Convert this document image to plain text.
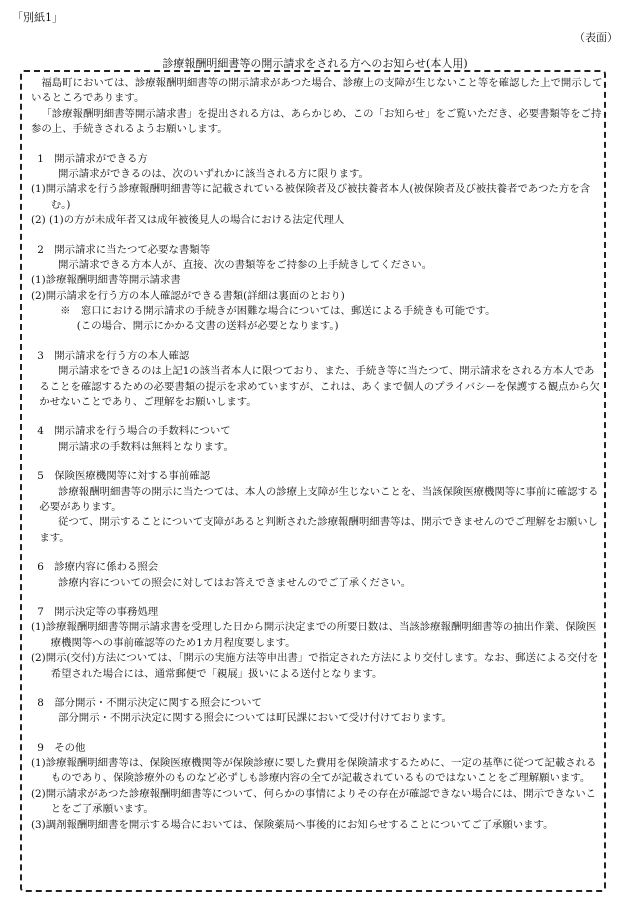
「別紙1」
（表面）
診療報酬明細書等の開示請求をされる方へのお知らせ(本人用)

福島町においては、診療報酬明細書等の開示請求があつた場合、診療上の支障が生じないこと等を確認した上で開示しているところであります。

「診療報酬明細書等開示請求書」を提出される方は、あらかじめ、この「お知らせ」をご覧いただき、必要書類等をご持参の上、手続きされるようお願いします。

1　開示請求ができる方

開示請求ができるのは、次のいずれかに該当される方に限ります。

(1)開示請求を行う診療報酬明細書等に記載されている被保険者及び被扶養者本人(被保険者及び被扶養者であつた方を含む。)

(2) (1)の方が未成年者又は成年被後見人の場合における法定代理人

2　開示請求に当たつて必要な書類等

開示請求できる方本人が、直接、次の書類等をご持参の上手続きしてください。

(1)診療報酬明細書等開示請求書

(2)開示請求を行う方の本人確認ができる書類(詳細は裏面のとおり)

※　窓口における開示請求の手続きが困難な場合については、郵送による手続きも可能です。

(この場合、開示にかかる文書の送料が必要となります。)

3　開示請求を行う方の本人確認

開示請求をできるのは上記1の該当者本人に限つており、また、手続き等に当たつて、開示請求をされる方本人であることを確認するための必要書類の提示を求めていますが、これは、あくまで個人のプライバシーを保護する観点から欠かせないことであり、ご理解をお願いします。

4　開示請求を行う場合の手数料について

開示請求の手数料は無料となります。

5　保険医療機関等に対する事前確認

診療報酬明細書等の開示に当たつては、本人の診療上支障が生じないことを、当該保険医療機関等に事前に確認する必要があります。

従つて、開示することについて支障があると判断された診療報酬明細書等は、開示できませんのでご理解をお願いします。

6　診療内容に係わる照会

診療内容についての照会に対してはお答えできませんのでご了承ください。

7　開示決定等の事務処理

(1)診療報酬明細書等開示請求書を受理した日から開示決定までの所要日数は、当該診療報酬明細書等の抽出作業、保険医療機関等への事前確認等のため1カ月程度要します。

(2)開示(交付)方法については、「開示の実施方法等申出書」で指定された方法により交付します。なお、郵送による交付を希望された場合には、通常郵便で「親展」扱いによる送付となります。

8　部分開示・不開示決定に関する照会について

部分開示・不開示決定に関する照会については町民課において受け付けております。

9　その他

(1)診療報酬明細書等は、保険医療機関等が保険診療に要した費用を保険請求するために、一定の基準に従つて記載されるものであり、保険診療外のものなど必ずしも診療内容の全てが記載されているものではないことをご理解願います。

(2)開示請求があつた診療報酬明細書等について、何らかの事情によりその存在が確認できない場合には、開示できないことをご了承願います。

(3)調剤報酬明細書を開示する場合においては、保険薬局へ事後的にお知らせすることについてご了承願います。
